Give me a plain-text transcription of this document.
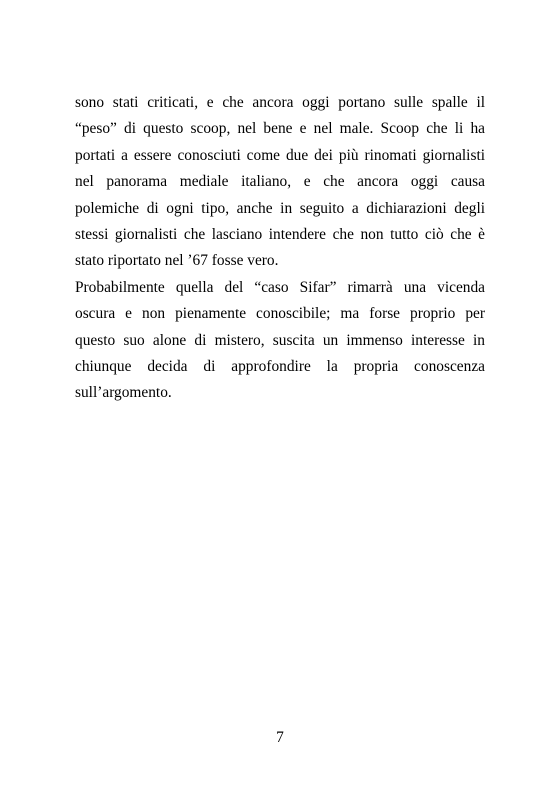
sono stati criticati, e che ancora oggi portano sulle spalle il
“peso” di questo scoop, nel bene e nel male. Scoop che li ha
portati a essere conosciuti come due dei più rinomati giornalisti
nel panorama mediale italiano, e che ancora oggi causa
polemiche di ogni tipo, anche in seguito a dichiarazioni degli
stessi giornalisti che lasciano intendere che non tutto ciò che è
stato riportato nel ’67 fosse vero.
Probabilmente quella del “caso Sifar” rimarrà una vicenda
oscura e non pienamente conoscibile; ma forse proprio per
questo suo alone di mistero, suscita un immenso interesse in
chiunque decida di approfondire la propria conoscenza
sull’argomento.
7
